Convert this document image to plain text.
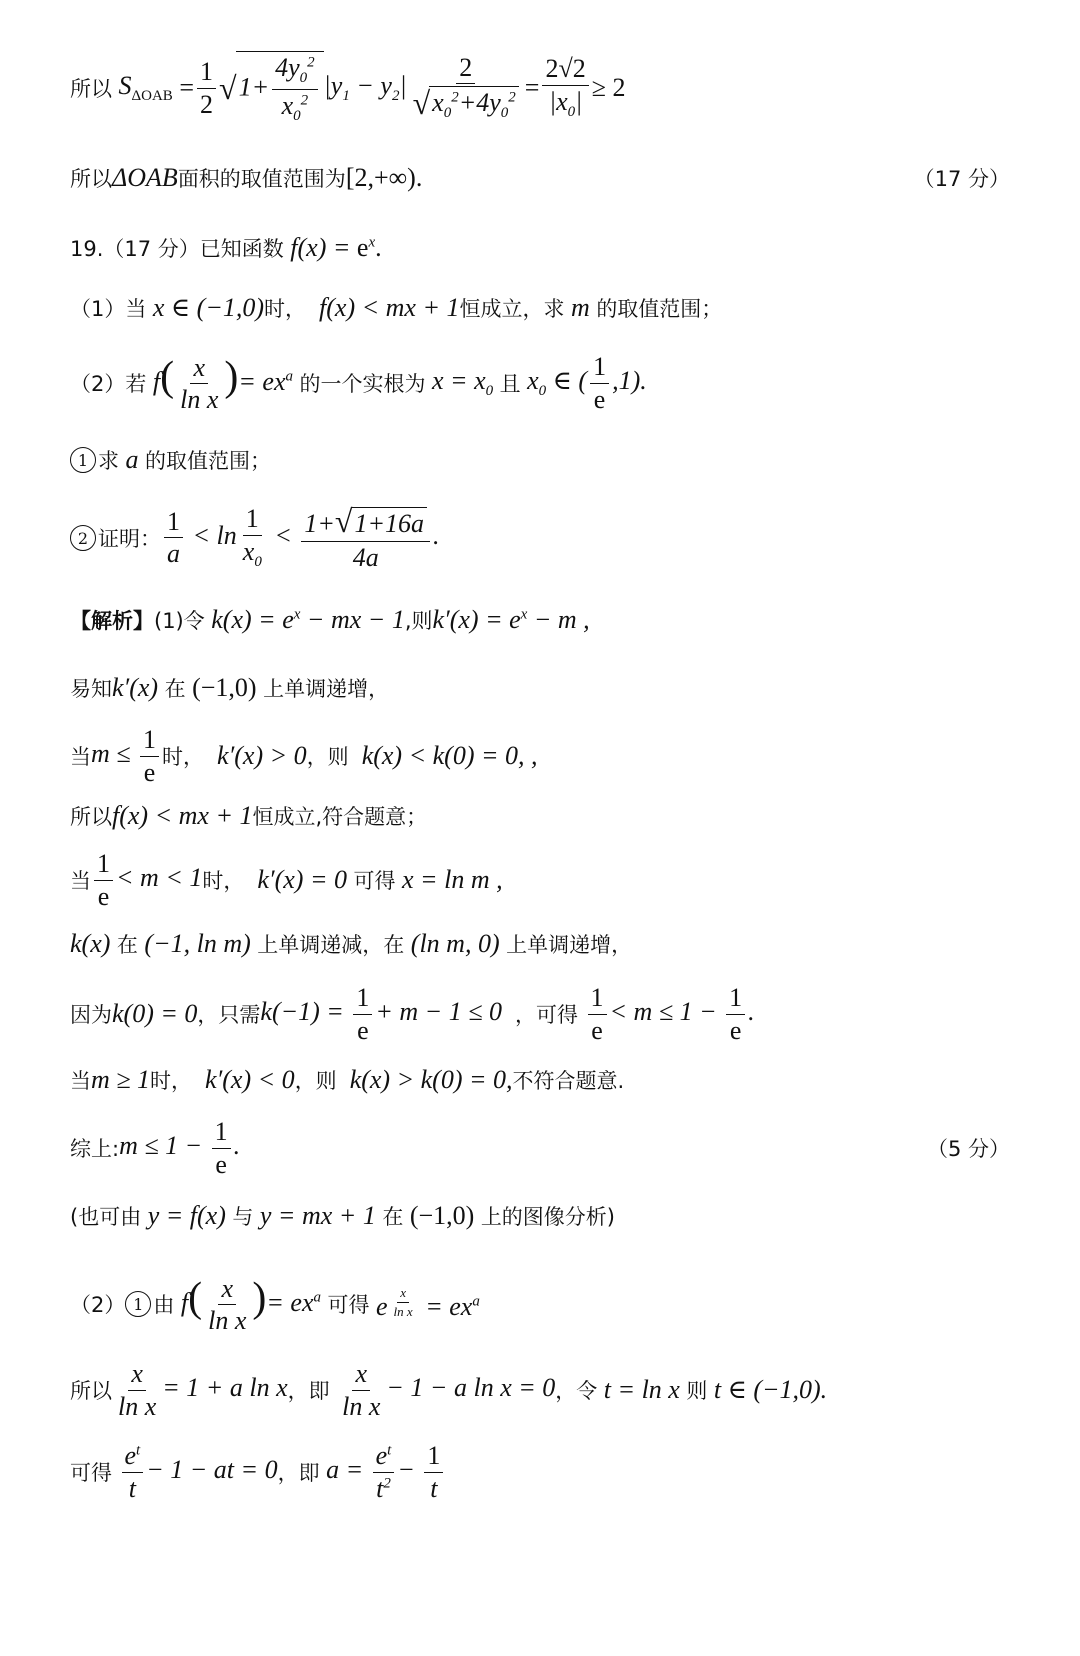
所以 $S_{\Delta OAB} = \frac{1}{2}$ √ $1+ \frac{4y_0^2}{x_0^2} |y_1 - y_2| \frac{2}{√ x_0^2+4y_0^2} = \frac{2√2}{|x_0|} \ge 2$
所以 ΔOAB 面积的取值范围为 [2,+∞).	（17 分）
19.（17 分）已知函数 $f(x) = e^x$.
（1）当 x ∈ (−1,0) 时， f(x) < mx + 1 恒成立，求 m 的取值范围；
（2）若 $f( \frac{x}{\text{ln x}}$ )= $ex^a$ 的一个实根为 $x = x_0$ 且 $x_0$ ∈ ( $\frac{1}{e} ,1$).
1 求 a 的取值范围；
2 证明： $\frac{1}{a} < \ln \frac{1}{x_0} < \frac{1+ √ 1+16a}{4a}$ .
【解析】 (1)令 $k(x) = e^x$ − mx − 1 ,则 $k'(x) = e^x - m$ ,
易知 k′(x) 在 (−1,0) 上单调递增，
当 $m \le \frac{1}{e}$ 时， k′(x) > 0 ，则 k(x) < k(0) = 0, ,
所以 f(x) < mx + 1 恒成立,符合题意；
当 $\frac{1}{e} < m < 1$ 时， k′(x) = 0 可得 x = ln m ,
k(x) 在 (−1, ln m) 上单调递减，在 (ln m, 0) 上单调递增，
因为 k(0) = 0 ，只需 $k(-1) = \frac{1}{e} + m - 1 \le 0$ ，可得
$\frac{1}{e} < m \le 1 - \frac{1}{e}$ .
当 m ≥ 1 时， k′(x) < 0 ，则 k(x) > k(0) = 0, 不符合题意.
综上: $m \le 1 - \frac{1}{e}$ .	（5 分）
(也可由 y = f(x) 与 y = mx + 1 在 (−1,0) 上的图像分析)
（2） 1 由 $f( \frac{x}{\text{ln x}}$ )= $ex^a$ 可得 e $^{\frac{x}{\text{ln x}}} = ex^a$
所以 $\frac{x}{\text{ln x}} = 1 + a$ ln x ，即
$\frac{x}{\text{ln x}} - 1 - a$ ln x = 0 ，令 t = ln x 则 t ∈ (−1,0).
可得
$\frac{e^t}{t} - 1$ − at = 0 ，即 $a = \frac{e^t}{t^2} - \frac{1}{t}$
